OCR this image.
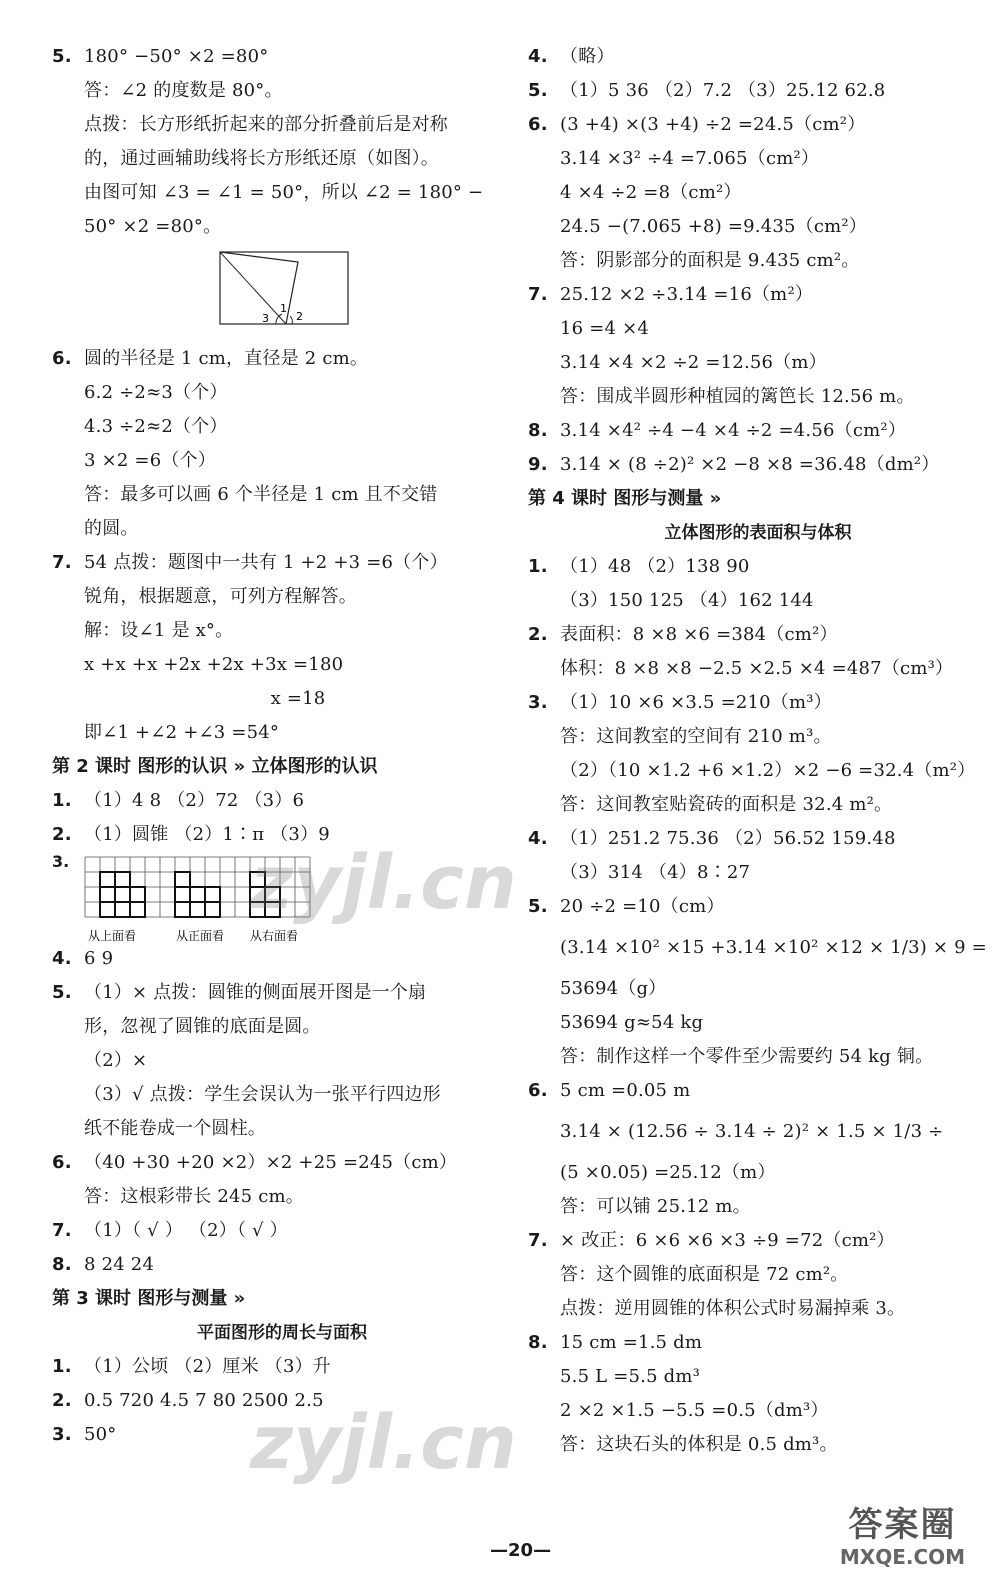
5. 180° −50° ×2 =80°
答：∠2 的度数是 80°。
点拨：长方形纸折起来的部分折叠前后是对称
的，通过画辅助线将长方形纸还原（如图）。
由图可知 ∠3 = ∠1 = 50°，所以 ∠2 = 180° −
50° ×2 =80°。
3
1
2
6. 圆的半径是 1 cm，直径是 2 cm。
6.2 ÷2≈3（个）
4.3 ÷2≈2（个）
3 ×2 =6（个）
答：最多可以画 6 个半径是 1 cm 且不交错
的圆。
7. 54 点拨：题图中一共有 1 +2 +3 =6（个）
锐角，根据题意，可列方程解答。
解：设∠1 是 x°。
x +x +x +2x +2x +3x =180
x =18
即∠1 +∠2 +∠3 =54°
第 2 课时 图形的认识 » 立体图形的认识
1. （1）4 8 （2）72 （3）6
2. （1）圆锥 （2）1∶π （3）9
3.
从上面看	从正面看 从右面看
4. 6 9
5. （1）× 点拨：圆锥的侧面展开图是一个扇
形，忽视了圆锥的底面是圆。
（2）×
（3）√ 点拨：学生会误认为一张平行四边形
纸不能卷成一个圆柱。
6. （40 +30 +20 ×2）×2 +25 =245（cm）
答：这根彩带长 245 cm。
7. （1）（ √ ） （2）（ √ ）
8. 8 24 24
第 3 课时 图形与测量 »
平面图形的周长与面积
1. （1）公顷 （2）厘米 （3）升
2. 0.5 720 4.5 7 80 2500 2.5
3. 50°
4. （略）
5. （1）5 36 （2）7.2 （3）25.12 62.8
6. (3 +4) ×(3 +4) ÷2 =24.5（cm²）
3.14 ×3² ÷4 =7.065（cm²）
4 ×4 ÷2 =8（cm²）
24.5 −(7.065 +8) =9.435（cm²）
答：阴影部分的面积是 9.435 cm²。
7. 25.12 ×2 ÷3.14 =16（m²）
16 =4 ×4
3.14 ×4 ×2 ÷2 =12.56（m）
答：围成半圆形种植园的篱笆长 12.56 m。
8. 3.14 ×4² ÷4 −4 ×4 ÷2 =4.56（cm²）
9. 3.14 × (8 ÷2)² ×2 −8 ×8 =36.48（dm²）
第 4 课时 图形与测量 »
立体图形的表面积与体积
1. （1）48 （2）138 90
（3）150 125 （4）162 144
2. 表面积：8 ×8 ×6 =384（cm²）
体积：8 ×8 ×8 −2.5 ×2.5 ×4 =487（cm³）
3. （1）10 ×6 ×3.5 =210（m³）
答：这间教室的空间有 210 m³。
（2）（10 ×1.2 +6 ×1.2）×2 −6 =32.4（m²）
答：这间教室贴瓷砖的面积是 32.4 m²。
4. （1）251.2 75.36 （2）56.52 159.48
（3）314 （4）8∶27
5. 20 ÷2 =10（cm）
(3.14 ×10² ×15 +3.14 ×10² ×12 × 1/3) × 9 =
53694（g）
53694 g≈54 kg
答：制作这样一个零件至少需要约 54 kg 铜。
6. 5 cm =0.05 m
3.14 × (12.56 ÷ 3.14 ÷ 2)² × 1.5 × 1/3 ÷
(5 ×0.05) =25.12（m）
答：可以铺 25.12 m。
7. × 改正：6 ×6 ×6 ×3 ÷9 =72（cm²）
答：这个圆锥的底面积是 72 cm²。
点拨：逆用圆锥的体积公式时易漏掉乘 3。
8. 15 cm =1.5 dm
5.5 L =5.5 dm³
2 ×2 ×1.5 −5.5 =0.5（dm³）
答：这块石头的体积是 0.5 dm³。
zyjl.cn
zyjl.cn
—20—
答案圈
MXQE.COM
